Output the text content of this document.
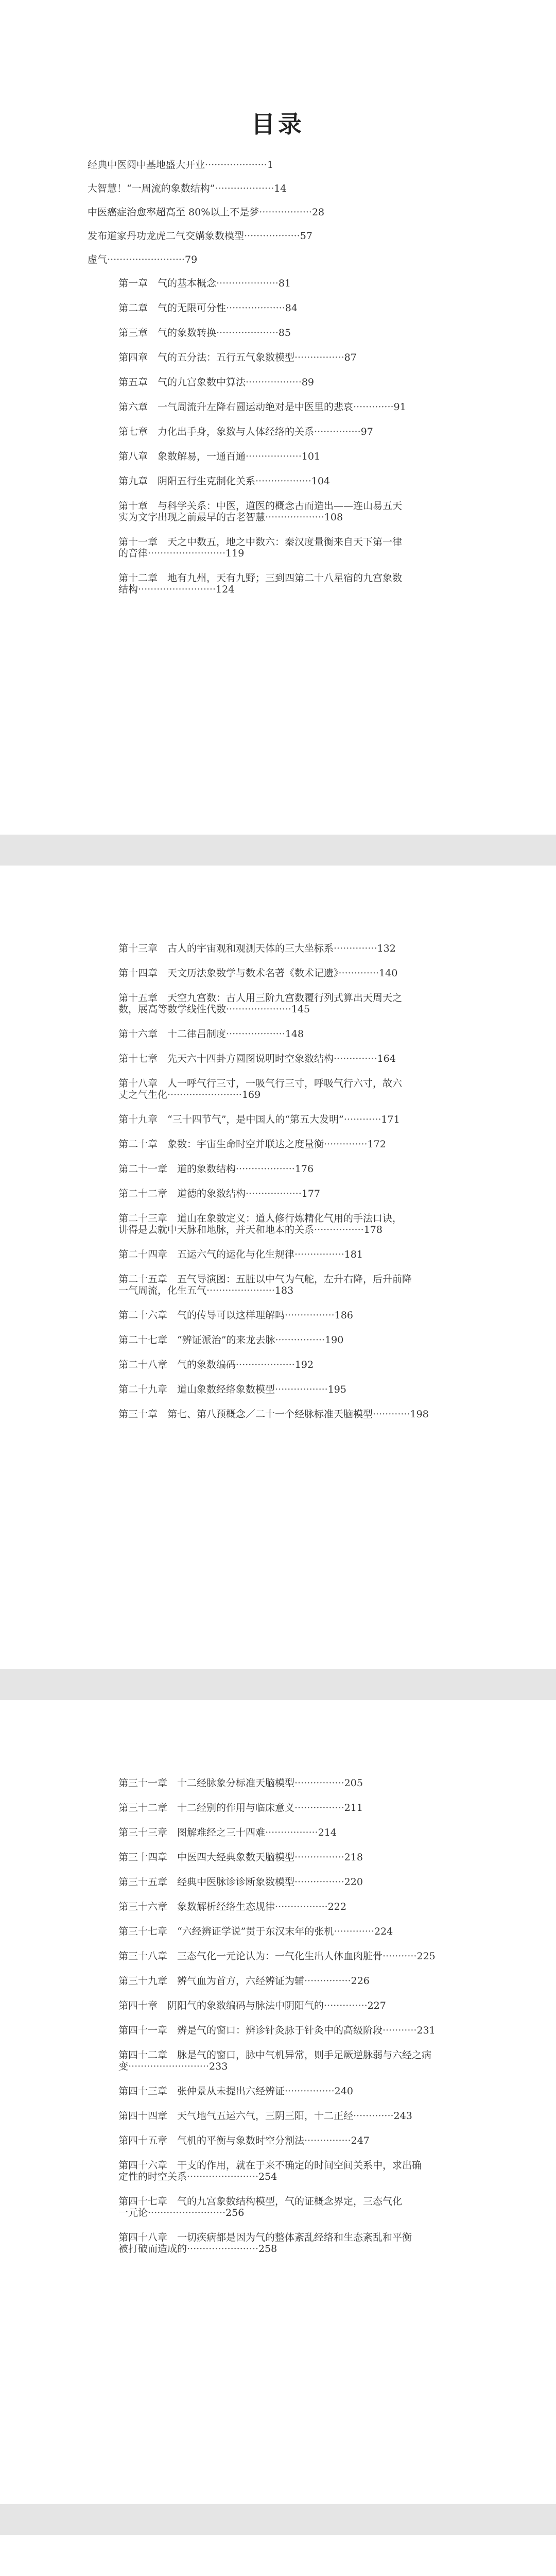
目录
经典中医阅中基地盛大开业····················1
大智慧！“一周流的象数结构”···················14
中医癌症治愈率超高至 80%以上不是梦·················28
发布道家丹功龙虎二气交媾象数模型··················57
虚气·························79
第一章　气的基本概念····················81
第二章　气的无限可分性···················84
第三章　气的象数转换····················85
第四章　气的五分法：五行五气象数模型················87
第五章　气的九宫象数中算法··················89
第六章　一气周流升左降右圆运动绝对是中医里的悲哀·············91
第七章　力化出手身，象数与人体经络的关系···············97
第八章　象数解易，一通百通··················101
第九章　阴阳五行生克制化关系··················104
第十章　与科学关系：中医，道医的概念古而造出——连山易五天
实为文字出现之前最早的古老智慧···················108
第十一章　天之中数五，地之中数六：秦汉度量衡来自天下第一律
的音律·························119
第十二章　地有九州，天有九野；三到四第二十八星宿的九宫象数
结构·························124
第十三章　古人的宇宙观和观测天体的三大坐标系··············132
第十四章　天文历法象数学与数术名著《数术记遗》·············140
第十五章　天空九宫数：古人用三阶九宫数覆行列式算出天周天之
数，展高等数学线性代数·····················145
第十六章　十二律吕制度···················148
第十七章　先天六十四卦方圆图说明时空象数结构··············164
第十八章　人一呼气行三寸，一吸气行三寸，呼吸气行六寸，故六
丈之气生化························169
第十九章　“三十四节气”，是中国人的“第五大发明”············171
第二十章　象数：宇宙生命时空并联达之度量衡··············172
第二十一章　道的象数结构···················176
第二十二章　道德的象数结构··················177
第二十三章　道山在象数定义：道人修行炼精化气用的手法口诀，
讲得是去就中天脉和地脉，并天和地本的关系················178
第二十四章　五运六气的运化与化生规律················181
第二十五章　五气导演图：五脏以中气为气舵，左升右降，后升前降
一气周流，化生五气······················183
第二十六章　气的传导可以这样理解吗················186
第二十七章　“辨证派治”的来龙去脉················190
第二十八章　气的象数编码···················192
第二十九章　道山象数经络象数模型·················195
第三十章　第七、第八预概念／二十一个经脉标准天脑模型············198
第三十一章　十二经脉象分标准天脑模型················205
第三十二章　十二经别的作用与临床意义················211
第三十三章　图解难经之三十四难·················214
第三十四章　中医四大经典象数天脑模型················218
第三十五章　经典中医脉诊诊断象数模型················220
第三十六章　象数解析经络生态规律·················222
第三十七章　“六经辨证学说”贯于东汉末年的张机·············224
第三十八章　三态气化一元论认为：一气化生出人体血肉脏骨···········225
第三十九章　辨气血为首方，六经辨证为辅···············226
第四十章　阴阳气的象数编码与脉法中阴阳气的··············227
第四十一章　辨是气的窗口：辨诊针灸脉于针灸中的高级阶段···········231
第四十二章　脉是气的窗口，脉中气机异常，则手足厥逆脉弱与六经之病
变··························233
第四十三章　张仲景从未提出六经辨证················240
第四十四章　天气地气五运六气，三阴三阳，十二正经·············243
第四十五章　气机的平衡与象数时空分割法···············247
第四十六章　干支的作用，就在于来不确定的时间空间关系中，求出确
定性的时空关系·······················254
第四十七章　气的九宫象数结构模型，气的证概念界定，三态气化
一元论·························256
第四十八章　一切疾病都是因为气的整体紊乱经络和生态紊乱和平衡
被打破而造成的·······················258
